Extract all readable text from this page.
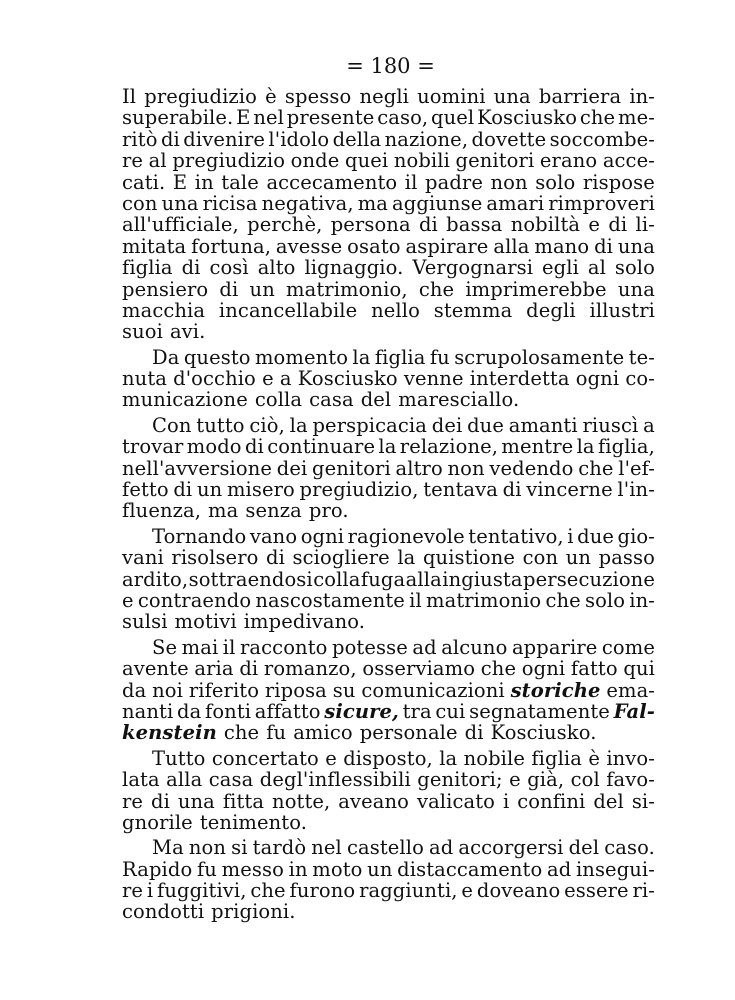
= 180 =
Il pregiudizio è spesso negli uomini una barriera in-
superabile. E nel presente caso, quel Kosciusko che me-
ritò di divenire l'idolo della nazione, dovette soccombe-
re al pregiudizio onde quei nobili genitori erano acce-
cati. E in tale accecamento il padre non solo rispose
con una ricisa negativa, ma aggiunse amari rimproveri
all'ufficiale, perchè, persona di bassa nobiltà e di li-
mitata fortuna, avesse osato aspirare alla mano di una
figlia di così alto lignaggio. Vergognarsi egli al solo
pensiero di un matrimonio, che imprimerebbe una
macchia incancellabile nello stemma degli illustri
suoi avi.
Da questo momento la figlia fu scrupolosamente te-
nuta d'occhio e a Kosciusko venne interdetta ogni co-
municazione colla casa del maresciallo.
Con tutto ciò, la perspicacia dei due amanti riuscì a
trovar modo di continuare la relazione, mentre la figlia,
nell'avversione dei genitori altro non vedendo che l'ef-
fetto di un misero pregiudizio, tentava di vincerne l'in-
fluenza, ma senza pro.
Tornando vano ogni ragionevole tentativo, i due gio-
vani risolsero di sciogliere la quistione con un passo
ardito, sottraendosi colla fuga alla ingiusta persecuzione
e contraendo nascostamente il matrimonio che solo in-
sulsi motivi impedivano.
Se mai il racconto potesse ad alcuno apparire come
avente aria di romanzo, osserviamo che ogni fatto qui
da noi riferito riposa su comunicazioni storiche ema-
nanti da fonti affatto sicure, tra cui segnatamente Fal-
kenstein che fu amico personale di Kosciusko.
Tutto concertato e disposto, la nobile figlia è invo-
lata alla casa degl'inflessibili genitori; e già, col favo-
re di una fitta notte, aveano valicato i confini del si-
gnorile tenimento.
Ma non si tardò nel castello ad accorgersi del caso.
Rapido fu messo in moto un distaccamento ad insegui-
re i fuggitivi, che furono raggiunti, e doveano essere ri-
condotti prigioni.
